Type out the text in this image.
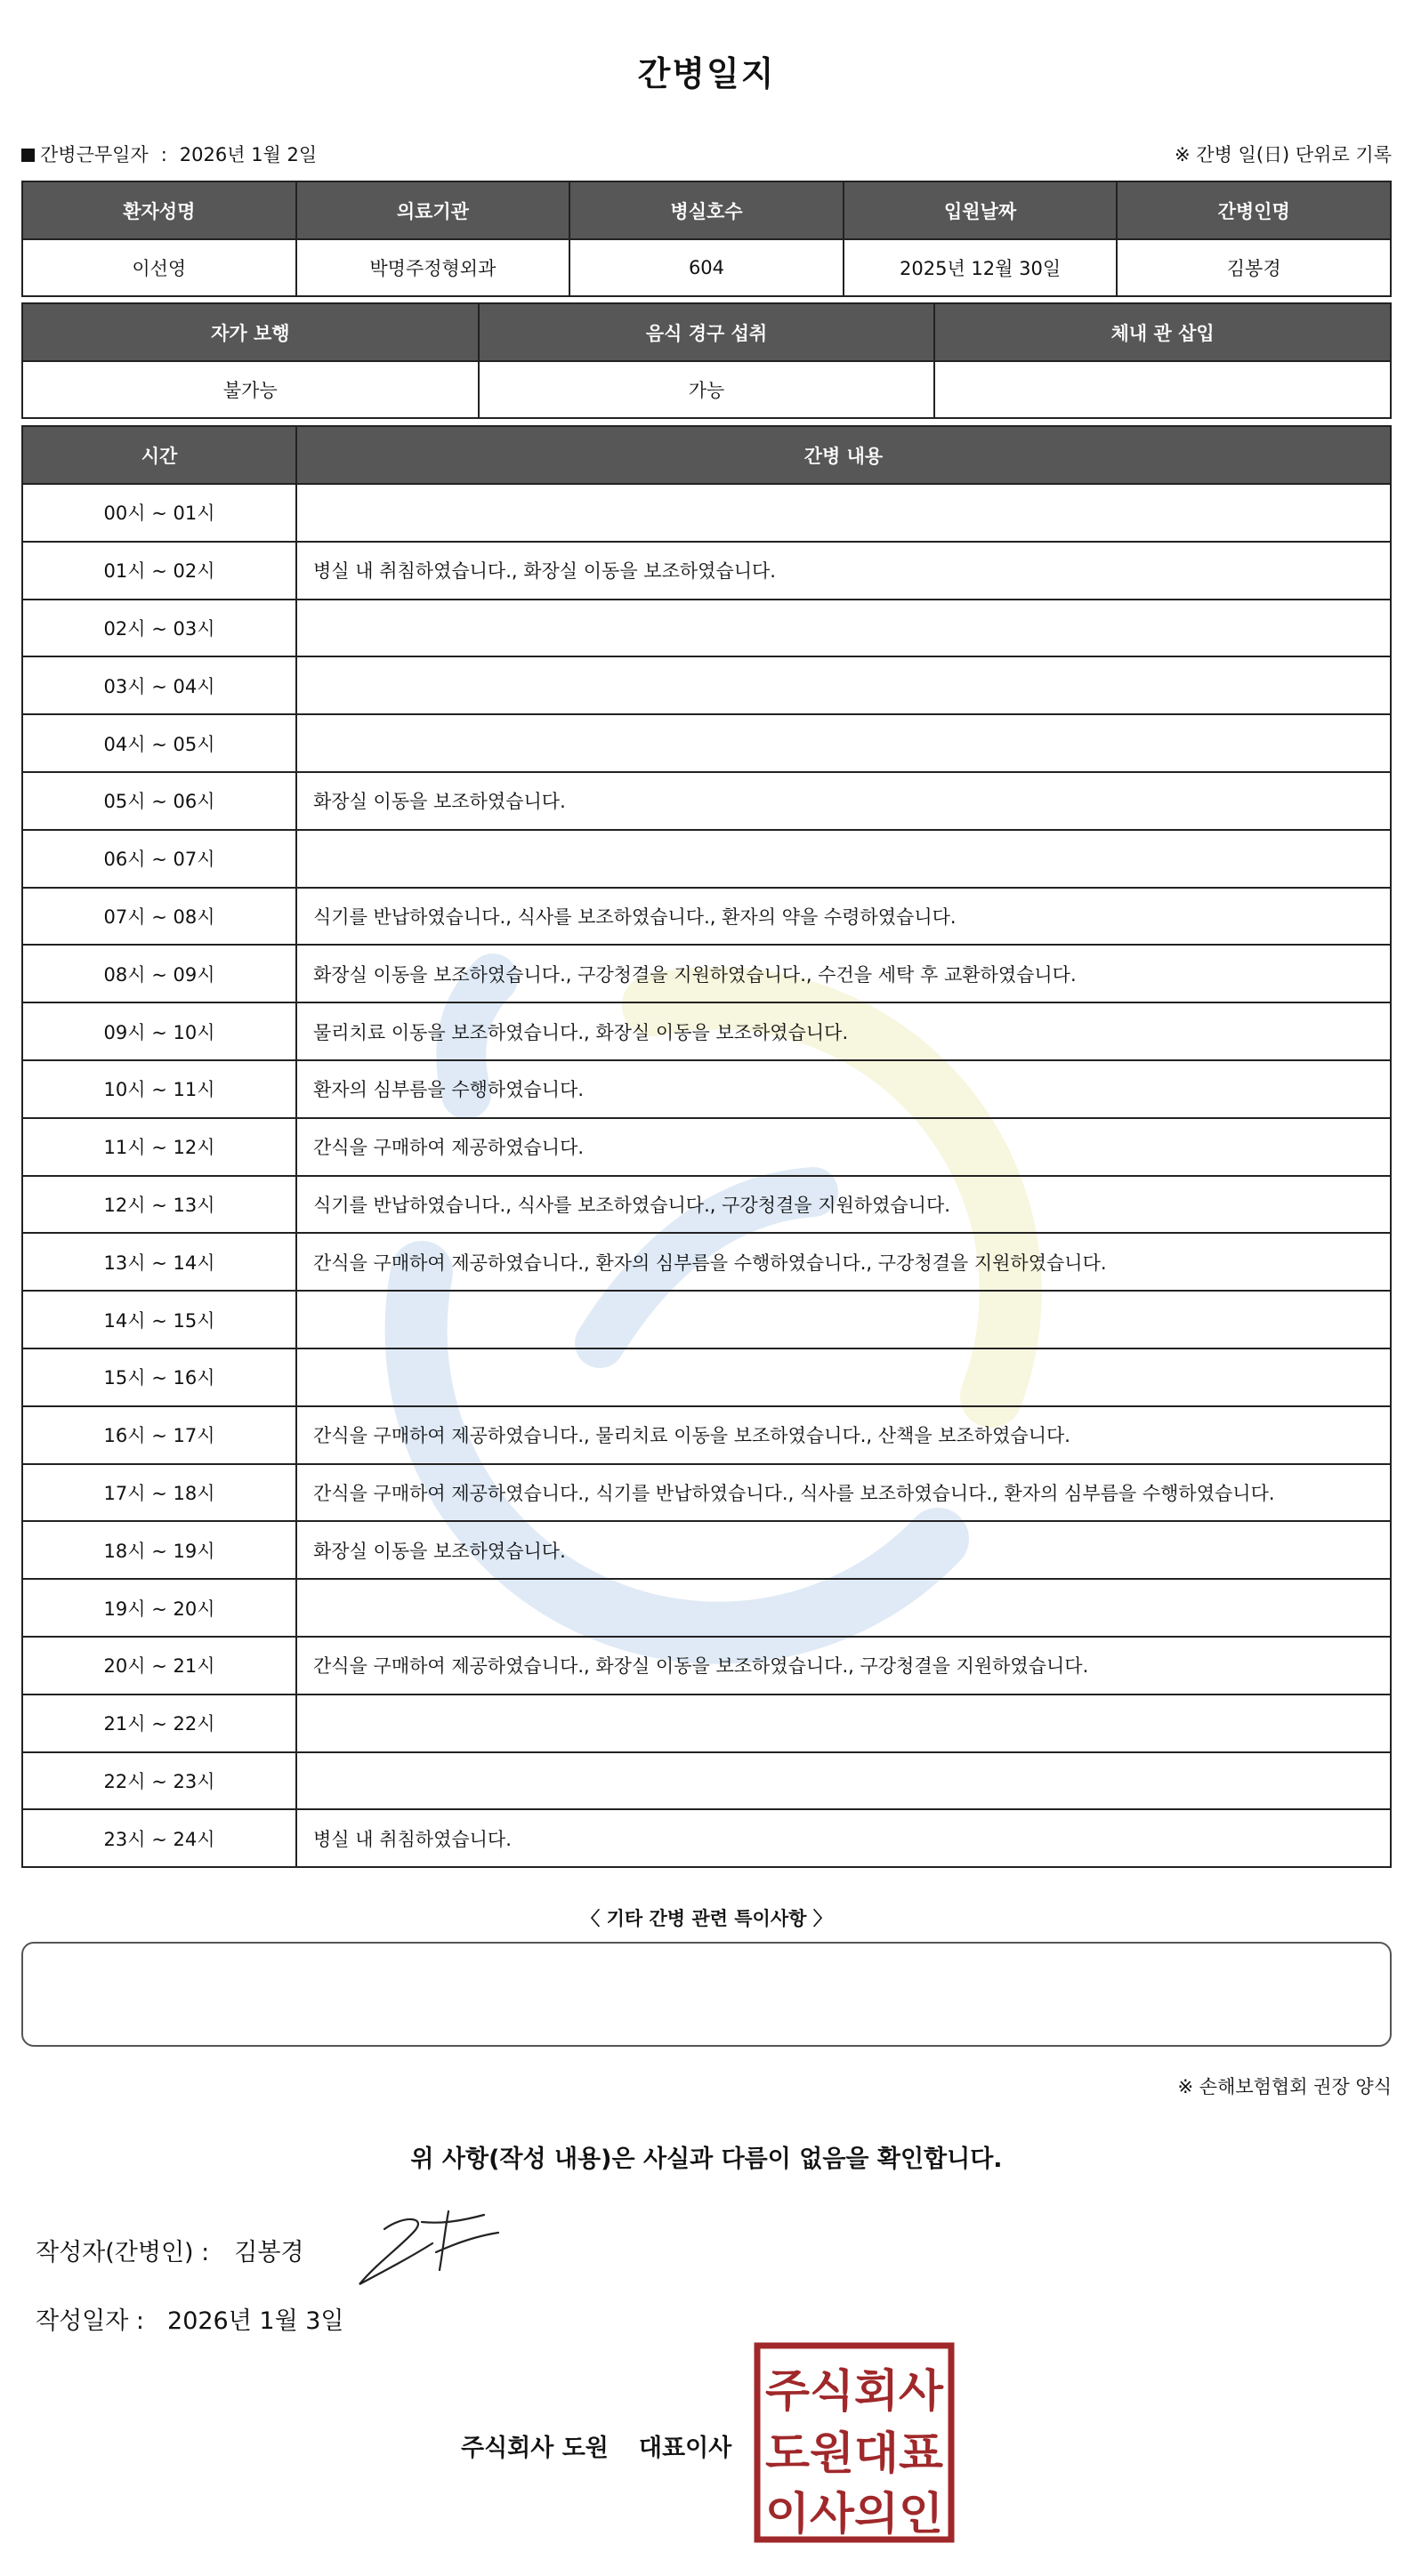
간병일지
간병근무일자 : 2026년 1월 2일	※ 간병 일(日) 단위로 기록
환자성명	의료기관	병실호수	입원날짜	간병인명
이선영	박명주정형외과	604	2025년 12월 30일	김봉경
자가 보행	음식 경구 섭취	체내 관 삽입
불가능	가능	
시간	간병 내용
00시 ~ 01시	
01시 ~ 02시	병실 내 취침하였습니다., 화장실 이동을 보조하였습니다.
02시 ~ 03시	
03시 ~ 04시	
04시 ~ 05시	
05시 ~ 06시	화장실 이동을 보조하였습니다.
06시 ~ 07시	
07시 ~ 08시	식기를 반납하였습니다., 식사를 보조하였습니다., 환자의 약을 수령하였습니다.
08시 ~ 09시	화장실 이동을 보조하였습니다., 구강청결을 지원하였습니다., 수건을 세탁 후 교환하였습니다.
09시 ~ 10시	물리치료 이동을 보조하였습니다., 화장실 이동을 보조하였습니다.
10시 ~ 11시	환자의 심부름을 수행하였습니다.
11시 ~ 12시	간식을 구매하여 제공하였습니다.
12시 ~ 13시	식기를 반납하였습니다., 식사를 보조하였습니다., 구강청결을 지원하였습니다.
13시 ~ 14시	간식을 구매하여 제공하였습니다., 환자의 심부름을 수행하였습니다., 구강청결을 지원하였습니다.
14시 ~ 15시	
15시 ~ 16시	
16시 ~ 17시	간식을 구매하여 제공하였습니다., 물리치료 이동을 보조하였습니다., 산책을 보조하였습니다.
17시 ~ 18시	간식을 구매하여 제공하였습니다., 식기를 반납하였습니다., 식사를 보조하였습니다., 환자의 심부름을 수행하였습니다.
18시 ~ 19시	화장실 이동을 보조하였습니다.
19시 ~ 20시	
20시 ~ 21시	간식을 구매하여 제공하였습니다., 화장실 이동을 보조하였습니다., 구강청결을 지원하였습니다.
21시 ~ 22시	
22시 ~ 23시	
23시 ~ 24시	병실 내 취침하였습니다.
〈 기타 간병 관련 특이사항 〉
※ 손해보험협회 권장 양식
위 사항(작성 내용)은 사실과 다름이 없음을 확인합니다.
작성자(간병인) : 김봉경
작성일자 : 2026년 1월 3일
주식회사 도원 대표이사
주식회사
도원대표
이사의인
